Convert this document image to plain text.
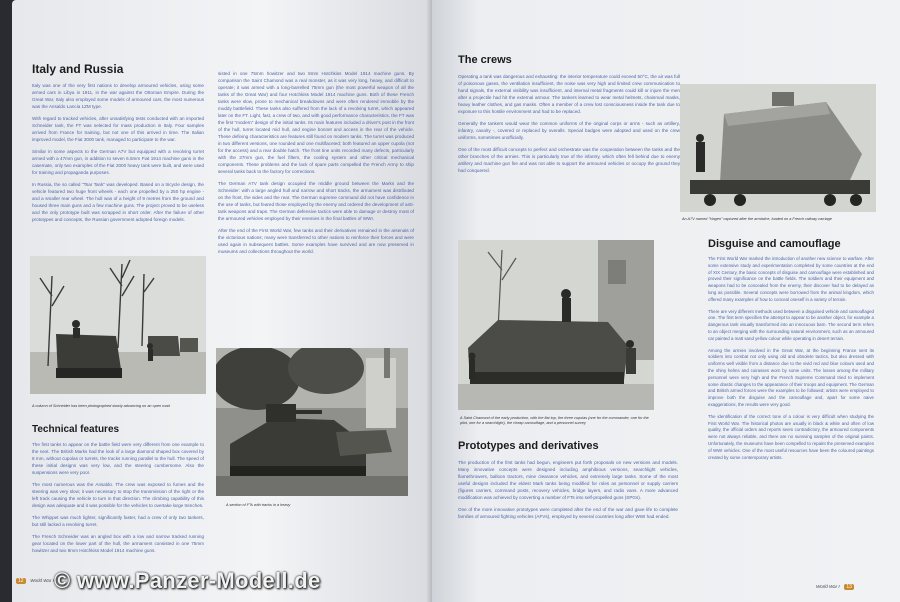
Italy and Russia

Italy was one of the very first nations to develop armoured vehicles, using some armed cars in Libya in 1911, in the war against the Ottoman Empire. During the Great War, Italy also employed some models of armoured cars, the most numerous was the Ansaldo Lancia 1ZM type.

With regard to tracked vehicles, after unsatisfying tests conducted with an imported Schneider tank, the FT was selected for mass production in Italy. Four samples arrived from France for training, but not one of this arrived in time. The Italian improved model, the Fiat 3000 tank, managed to participate to the war.

Similar in some aspects to the German A7V but equipped with a revolving turret armed with a 47mm gun, in addition to seven 6.5mm Fiat 1914 machine guns in the casemate, only two examples of the Fiat 2000 heavy tank were built, and were used for training and propaganda purposes.

In Russia, the so called "Tsar Tank" was developed. Based on a tricycle design, the vehicle featured two huge front wheels - each one propelled by a 250 hp engine - and a smaller rear wheel. The hull was of a height of 9 metres from the ground and housed three main guns and a few machine guns. The project proved to be useless and the only prototype built was scrapped in short order. After the failure of other prototypes and concepts, the Russian government adopted foreign models.

A column of Schneider has been photographed slowly advancing on an open road
Technical features

The first tanks to appear on the battle field were very different from one example to the next. The British Marks had the look of a large diamond shaped box covered by 8 mm, without cupolas or turrets, the tracks running parallel to the hull. The speed of these initial designs was very low, and the steering cumbersome. Also the suspensions were very poor.

The most numerous was the Ansaldo. The crew was exposed to fumes and the steering was very slow; it was necessary to stop the transmission of the right or the left track causing the vehicle to turn in that direction. The climbing capability of this design was adequate and it was possible for the vehicles to overtake large trenches.

The Whippet was much lighter, significantly faster, had a crew of only two tankers, but still lacked a revolving turret.

The French Schneider was an angled box with a low and narrow tracked running gear located on the lower part of the hull, the armament consisted in one 75mm howitzer and two 8mm Hotchkiss Model 1914 machine guns.

sisted in one 75mm howitzer and two 8mm Hotchkiss Model 1914 machine guns. By comparison the Saint Chamond was a real monster, as it was very long, heavy, and difficult to operate; it was armed with a long-barrelled 75mm gun (the most powerful weapon of all the tanks of the Great War) and four Hotchkiss Model 1914 machine guns. Both of these French tanks were slow, prone to mechanical breakdowns and were often rendered immobile by the muddy battlefield. These tanks also suffered from the lack of a revolving turret, which appeared later on the FT. Light, fast, a crew of two, and with good performance characteristics, the FT was the first "modern" design of the initial tanks. Its main features included a driver's post in the front of the hull, turret located mid hull, and engine bonnet and access in the rear of the vehicle. These defining characteristics are features still found on modern tanks. The turret was produced in two different versions, one rounded and one multifaceted; both featured an upper cupola (not for the access) and a rear double hatch. The front tine units recorded many defects, particularly with the 37mm gun, the fuel filters, the cooling system and other critical mechanical components. These problems and the lack of spare parts compelled the French Army to ship several tanks back to the factory for corrections.

The German A7V tank design occupied the middle ground between the Marks and the Schneider: with a large angled hull and narrow and short tracks, the armament was distributed on the front, the sides and the rear. The German supreme command did not have confidence in the use of tanks, but feared those employed by the enemy and ordered the development of anti-tank weapons and traps. The German defensive tactics were able to damage or destroy most of the armoured vehicles employed by their enemies in the final battles of WWI.

After the end of the First World War, few tanks and their derivatives remained in the arsenals of the victorious nations; many were transferred to other nations to reinforce their forces and were used again in subsequent battles. Some examples have survived and are now preserved in museums and collections throughout the world.

A section of FTs with tracks in a heavy
12 World War I
The crews

Operating a tank was dangerous and exhausting: the interior temperature could exceed 50°C, the air was full of poisonous gases, the ventilation insufficient, the noise was very high and limited crew communication to hand signals, the external visibility was insufficient, and internal metal fragments could kill or injure the men after a projectile had hit the external armour. The tankers learned to wear metal helmets, chainmail masks, heavy leather clothes, and gas masks. Often a member of a crew lost consciousness inside the tank due to exposure to this hostile environment and had to be replaced.

Generally the tankers would wear the common uniforms of the original corps or arms - such as artillery, infantry, cavalry -, covered or replaced by overalls. Special badges were adopted and used on the crew uniforms, sometimes unofficially.

One of the most difficult concepts to perfect and orchestrate was the cooperation between the tanks and the other branches of the armies. This is particularly true of the infantry, which often fell behind due to enemy artillery and machine gun fire and was not able to support the armoured vehicles or occupy the ground they had conquered.

A Saint Chamond of the early production, with the flat top, the three cupolas (one for the commander, one for the pilot, one for a searchlight), the cheap camouflage, and a personnel survey
Prototypes and derivatives

The production of the first tanks had begun, engineers put forth proposals on new versions and models. Many innovative concepts were designed including amphibious versions, searchlight vehicles, flamethrowers, balloon tractors, mine clearance vehicles, and extremely large tanks. Some of the most useful designs included the eldest Mark tanks being modified for roles as personnel or supply carriers (figures carriers, command posts, recovery vehicles, bridge layers, and radio vans. A more advanced modification was achieved by converting a number of FTs into self-propelled guns (SPGs).

One of the more innovative prototypes were completed after the end of the war and gave life to complete families of armoured fighting vehicles (AFVs), employed by several countries long after WWI had ended.

An A7V named "Hagen" captured after the armistice, loaded on a French railway carriage
Disguise and camouflage

The First World War marked the introduction of another new science to warfare. After some extensive study and experimentation completed by some countries at the end of XIX Century, the basic concepts of disguise and camouflage were established and proved their significance on the battle fields. The soldiers and their equipment and weapons had to be concealed from the enemy, their discover had to be delayed as long as possible. Several concepts were borrowed from the animal kingdom, which offered many examples of how to conceal oneself in a variety of terrain.

There are very different methods used between a disguised vehicle and camouflaged one. The first term specifies the attempt to appear to be another object, for example a dangerous tank visually transformed into an innocuous barn. The second term refers to an object merging with the surrounding natural environment, such as an armoured car painted a matt sand yellow colour while operating in desert terrain.

Among the armies involved in the Great War, at the beginning France sent its soldiers into combat not only using old and obsolete tactics, but also dressed with uniforms well visible from a distance due to the vivid red and blue colours used and the shiny helms and cuirasses worn by some units. The losses among the military personnel were very high and the French Supreme Command tried to implement some drastic changes to the appearance of their troops and equipment. The German and British armed forces were the examples to be followed; artists were employed to improve both the disguise and the camouflage and, apart for some naive exaggerations, the results were very good.

The identification of the correct tone of a colour is very difficult when studying the First World War. The historical photos are usually in black & white and often of low quality, the official orders and reports seem contradictory, the armoured components were not always reliable, and there are no surviving samples of the original paints. Unfortunately, the museums have been compelled to repaint the preserved examples of WWI vehicles. One of the most useful resources have been the coloured paintings created by some contemporary artists.

World War I 13
© www.Panzer-Modell.de
